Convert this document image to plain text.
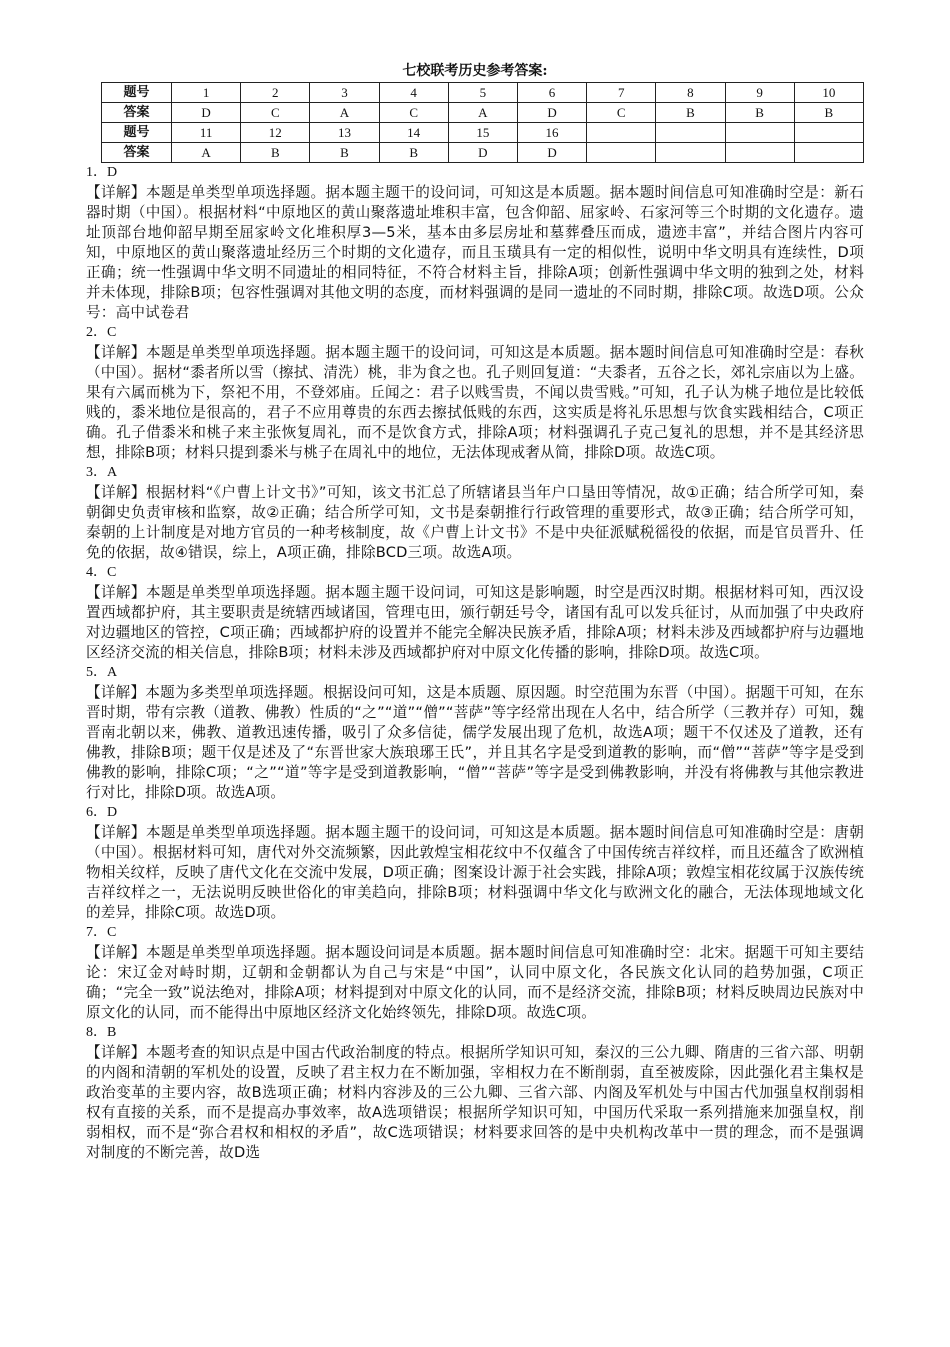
七校联考历史参考答案:

题号	1	2	3	4	5	6	7	8	9	10
答案	D	C	A	C	A	D	C	B	B	B
题号	11	12	13	14	15	16				
答案	A	B	B	B	D	D				

1．D

【详解】本题是单类型单项选择题。据本题主题干的设问词，可知这是本质题。据本题时间信息可知准确时空是：新石器时期（中国）。根据材料“中原地区的黄山聚落遗址堆积丰富，包含仰韶、屈家岭、石家河等三个时期的文化遗存。遗址顶部台地仰韶早期至屈家岭文化堆积厚3—5米，基本由多层房址和墓葬叠压而成，遗迹丰富”，并结合图片内容可知，中原地区的黄山聚落遗址经历三个时期的文化遗存，而且玉璜具有一定的相似性，说明中华文明具有连续性，D项正确；统一性强调中华文明不同遗址的相同特征，不符合材料主旨，排除A项；创新性强调中华文明的独到之处，材料并未体现，排除B项；包容性强调对其他文明的态度，而材料强调的是同一遗址的不同时期，排除C项。故选D项。公众号：高中试卷君

2．C

【详解】本题是单类型单项选择题。据本题主题干的设问词，可知这是本质题。据本题时间信息可知准确时空是：春秋（中国）。据材“黍者所以雪（擦拭、清洗）桃，非为食之也。孔子则回复道：“夫黍者，五谷之长，郊礼宗庙以为上盛。果有六属而桃为下，祭祀不用，不登郊庙。丘闻之：君子以贱雪贵，不闻以贵雪贱。”可知，孔子认为桃子地位是比较低贱的，黍米地位是很高的，君子不应用尊贵的东西去擦拭低贱的东西，这实质是将礼乐思想与饮食实践相结合，C项正确。孔子借黍米和桃子来主张恢复周礼，而不是饮食方式，排除A项；材料强调孔子克己复礼的思想，并不是其经济思想，排除B项；材料只提到黍米与桃子在周礼中的地位，无法体现戒奢从简，排除D项。故选C项。

3．A

【详解】根据材料“《户曹上计文书》”可知，该文书汇总了所辖诸县当年户口垦田等情况，故①正确；结合所学可知，秦朝御史负责审核和监察，故②正确；结合所学可知，文书是秦朝推行行政管理的重要形式，故③正确；结合所学可知，秦朝的上计制度是对地方官员的一种考核制度，故《户曹上计文书》不是中央征派赋税徭役的依据，而是官员晋升、任免的依据，故④错误，综上，A项正确，排除BCD三项。故选A项。

4．C

【详解】本题是单类型单项选择题。据本题主题干设问词，可知这是影响题，时空是西汉时期。根据材料可知，西汉设置西域都护府，其主要职责是统辖西域诸国，管理屯田，颁行朝廷号令，诸国有乱可以发兵征讨，从而加强了中央政府对边疆地区的管控，C项正确；西域都护府的设置并不能完全解决民族矛盾，排除A项；材料未涉及西域都护府与边疆地区经济交流的相关信息，排除B项；材料未涉及西域都护府对中原文化传播的影响，排除D项。故选C项。

5．A

【详解】本题为多类型单项选择题。根据设问可知，这是本质题、原因题。时空范围为东晋（中国）。据题干可知，在东晋时期，带有宗教（道教、佛教）性质的“之”“道”“僧”“菩萨”等字经常出现在人名中，结合所学（三教并存）可知，魏晋南北朝以来，佛教、道教迅速传播，吸引了众多信徒，儒学发展出现了危机，故选A项；题干不仅述及了道教，还有佛教，排除B项；题干仅是述及了“东晋世家大族琅琊王氏”，并且其名字是受到道教的影响，而“僧”“菩萨”等字是受到佛教的影响，排除C项；“之”“道”等字是受到道教影响，“僧”“菩萨”等字是受到佛教影响，并没有将佛教与其他宗教进行对比，排除D项。故选A项。

6．D

【详解】本题是单类型单项选择题。据本题主题干的设问词，可知这是本质题。据本题时间信息可知准确时空是：唐朝（中国）。根据材料可知，唐代对外交流频繁，因此敦煌宝相花纹中不仅蕴含了中国传统吉祥纹样，而且还蕴含了欧洲植物相关纹样，反映了唐代文化在交流中发展，D项正确；图案设计源于社会实践，排除A项；敦煌宝相花纹属于汉族传统吉祥纹样之一，无法说明反映世俗化的审美趋向，排除B项；材料强调中华文化与欧洲文化的融合，无法体现地域文化的差异，排除C项。故选D项。

7．C

【详解】本题是单类型单项选择题。据本题设问词是本质题。据本题时间信息可知准确时空：北宋。据题干可知主要结论：宋辽金对峙时期，辽朝和金朝都认为自己与宋是“中国”，认同中原文化，各民族文化认同的趋势加强，C项正确；“完全一致”说法绝对，排除A项；材料提到对中原文化的认同，而不是经济交流，排除B项；材料反映周边民族对中原文化的认同，而不能得出中原地区经济文化始终领先，排除D项。故选C项。

8．B

【详解】本题考查的知识点是中国古代政治制度的特点。根据所学知识可知，秦汉的三公九卿、隋唐的三省六部、明朝的内阁和清朝的军机处的设置，反映了君主权力在不断加强，宰相权力在不断削弱，直至被废除，因此强化君主集权是政治变革的主要内容，故B选项正确；材料内容涉及的三公九卿、三省六部、内阁及军机处与中国古代加强皇权削弱相权有直接的关系，而不是提高办事效率，故A选项错误；根据所学知识可知，中国历代采取一系列措施来加强皇权，削弱相权，而不是“弥合君权和相权的矛盾”，故C选项错误；材料要求回答的是中央机构改革中一贯的理念，而不是强调对制度的不断完善，故D选
